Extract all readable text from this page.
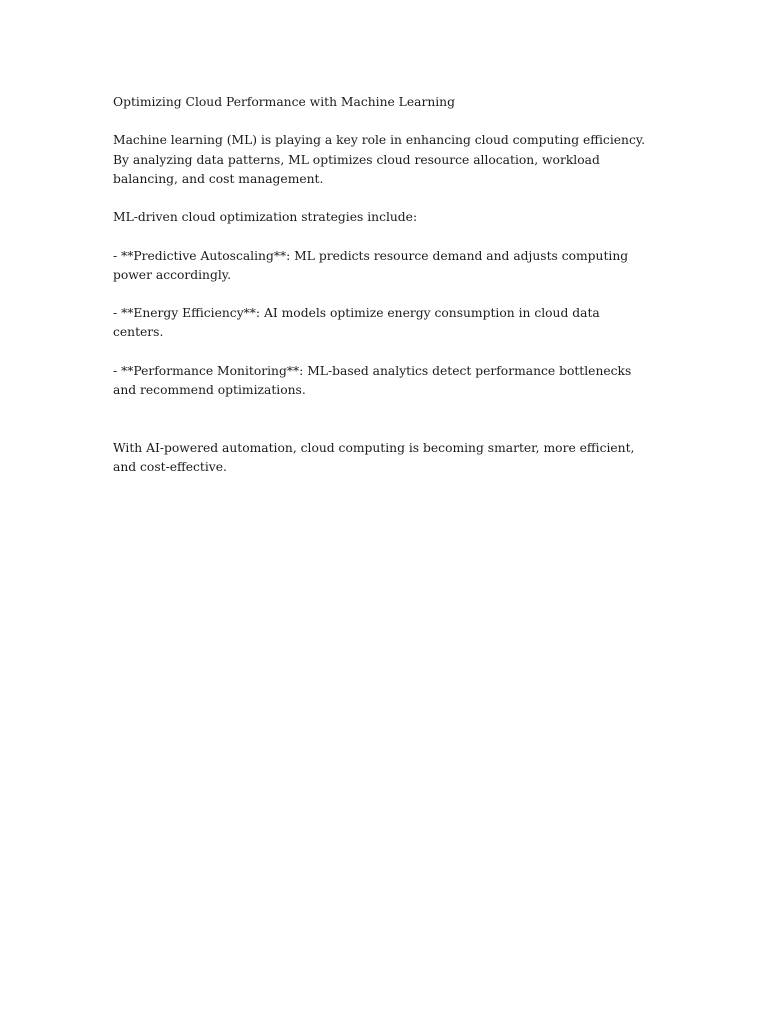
Optimizing Cloud Performance with Machine Learning

Machine learning (ML) is playing a key role in enhancing cloud computing efficiency. By analyzing data patterns, ML optimizes cloud resource allocation, workload balancing, and cost management.

ML-driven cloud optimization strategies include:

- **Predictive Autoscaling**: ML predicts resource demand and adjusts computing power accordingly.

- **Energy Efficiency**: AI models optimize energy consumption in cloud data centers.

- **Performance Monitoring**: ML-based analytics detect performance bottlenecks and recommend optimizations.

With AI-powered automation, cloud computing is becoming smarter, more efficient, and cost-effective.
